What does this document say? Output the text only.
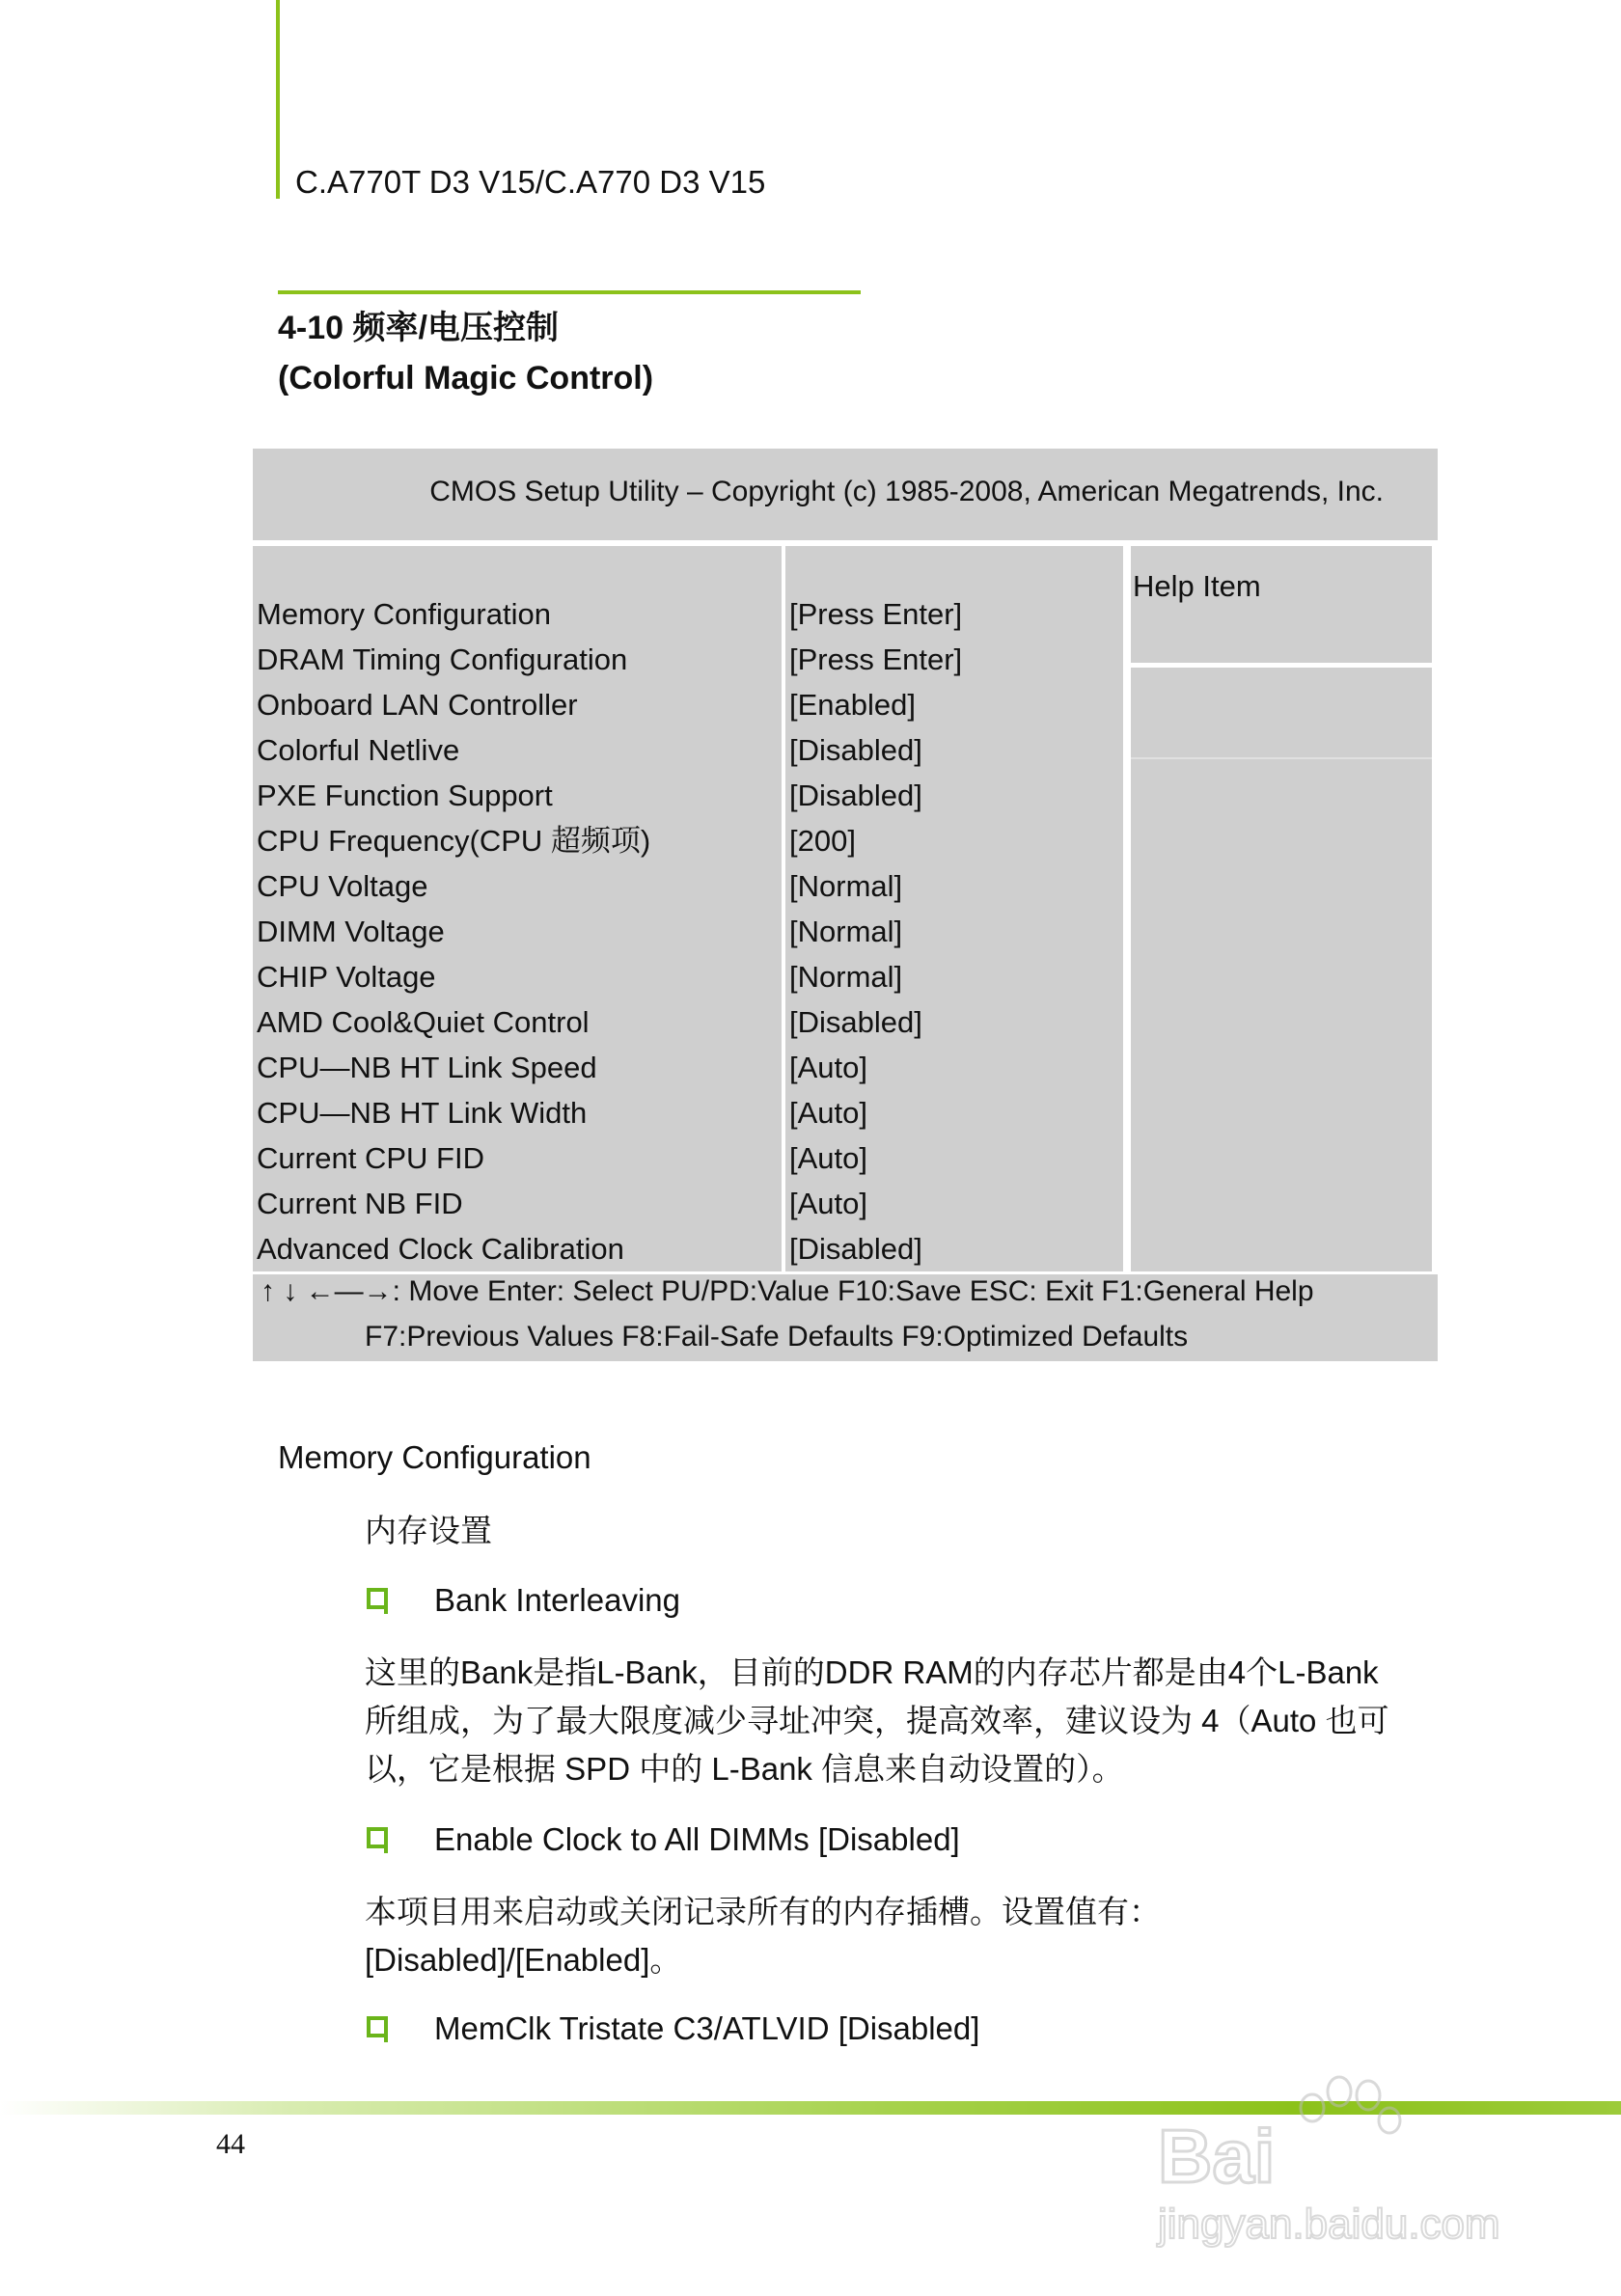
C.A770T D3 V15/C.A770 D3 V15
4-10 频率/电压控制
(Colorful Magic Control)
CMOS Setup Utility – Copyright (c) 1985-2008, American Megatrends, Inc.
Memory Configuration
DRAM Timing Configuration
Onboard LAN Controller
Colorful Netlive
PXE Function Support
CPU Frequency(CPU 超频项)
CPU Voltage
DIMM Voltage
CHIP Voltage
AMD Cool&Quiet Control
CPU—NB HT Link Speed
CPU—NB HT Link Width
Current CPU FID
Current NB FID
Advanced Clock Calibration
[Press Enter]
[Press Enter]
[Enabled]
[Disabled]
[Disabled]
[200]
[Normal]
[Normal]
[Normal]
[Disabled]
[Auto]
[Auto]
[Auto]
[Auto]
[Disabled]
Help Item
↑ ↓ ←—→: Move Enter: Select PU/PD:Value F10:Save ESC: Exit F1:General Help
F7:Previous Values F8:Fail-Safe Defaults F9:Optimized Defaults
Memory Configuration
内存设置
Bank Interleaving
这里的Bank是指L-Bank，目前的DDR RAM的内存芯片都是由4个L-Bank
所组成，为了最大限度减少寻址冲突，提高效率，建议设为 4（Auto 也可
以，它是根据 SPD 中的 L-Bank 信息来自动设置的）。
Enable Clock to All DIMMs [Disabled]
本项目用来启动或关闭记录所有的内存插槽。设置值有：
[Disabled]/[Enabled]。
MemClk Tristate C3/ATLVID [Disabled]
44	Bai
jingyan.baidu.com
